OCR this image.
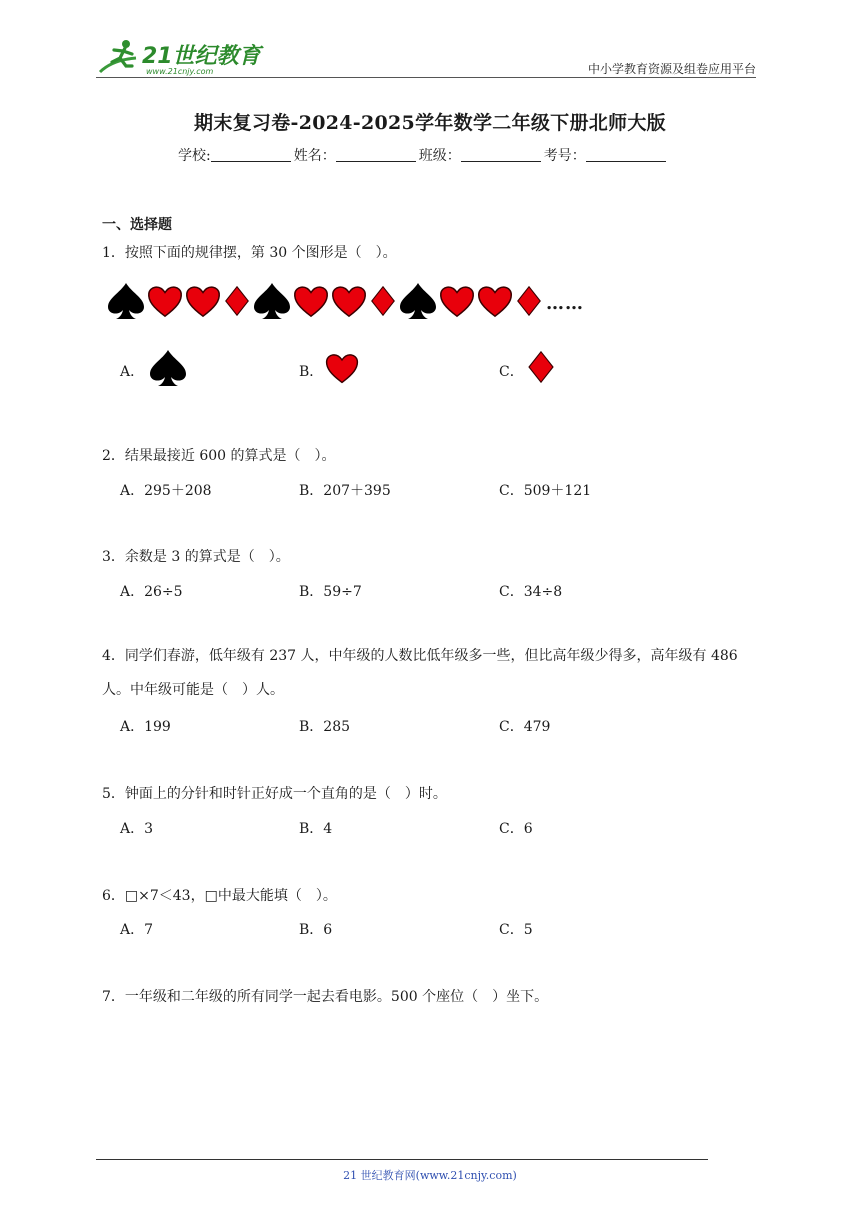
21世纪教育
www.21cnjy.com	中小学教育资源及组卷应用平台
期末复习卷-2024-2025学年数学二年级下册北师大版
学校:	姓名：	班级：	考号：
一、选择题
1．按照下面的规律摆，第 30 个图形是（　）。
……
A．	B．	C．
2．结果最接近 600 的算式是（　）。
A．295＋208	B．207＋395	C．509＋121
3．余数是 3 的算式是（　）。
A．26÷5	B．59÷7	C．34÷8
4．同学们春游，低年级有 237 人，中年级的人数比低年级多一些，但比高年级少得多，高年级有 486 人。中年级可能是（　）人。
A．199	B．285	C．479
5．钟面上的分针和时针正好成一个直角的是（　）时。
A．3	B．4	C．6
6．□×7＜43，□中最大能填（　）。
A．7	B．6	C．5
7．一年级和二年级的所有同学一起去看电影。500 个座位（　）坐下。
21 世纪教育网(www.21cnjy.com)
